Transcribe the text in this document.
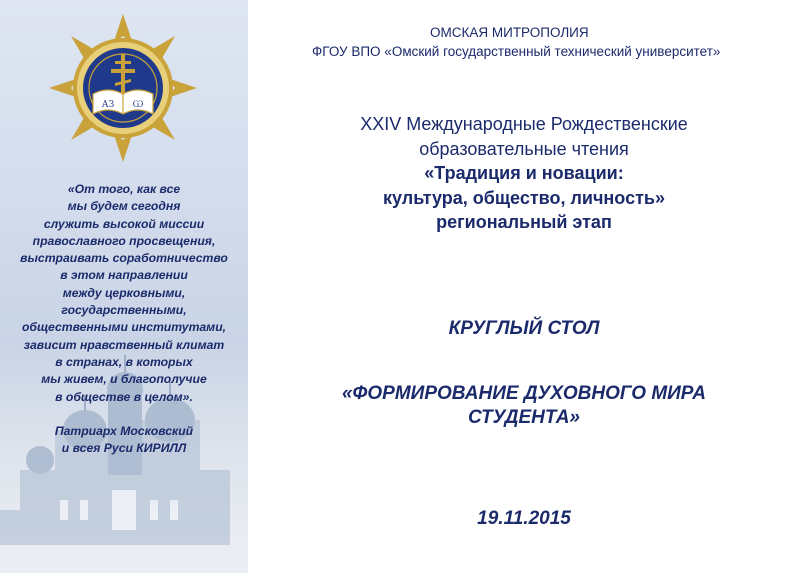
АЗ Ѡ
«От того, как все
мы будем сегодня
служить высокой миссии
православного просвещения,
выстраивать соработничество
в этом направлении
между церковными,
государственными,
общественными институтами,
зависит нравственный климат
в странах, в которых
мы живем, и благополучие
в обществе в целом».
Патриарх Московский
и всея Руси КИРИЛЛ
ОМСКАЯ МИТРОПОЛИЯ
ФГОУ ВПО «Омский государственный технический университет»
XXIV Международные Рождественские
образовательные чтения
«Традиция и новации:
культура, общество, личность»
региональный этап
КРУГЛЫЙ СТОЛ
«ФОРМИРОВАНИЕ ДУХОВНОГО МИРА
СТУДЕНТА»
19.11.2015
